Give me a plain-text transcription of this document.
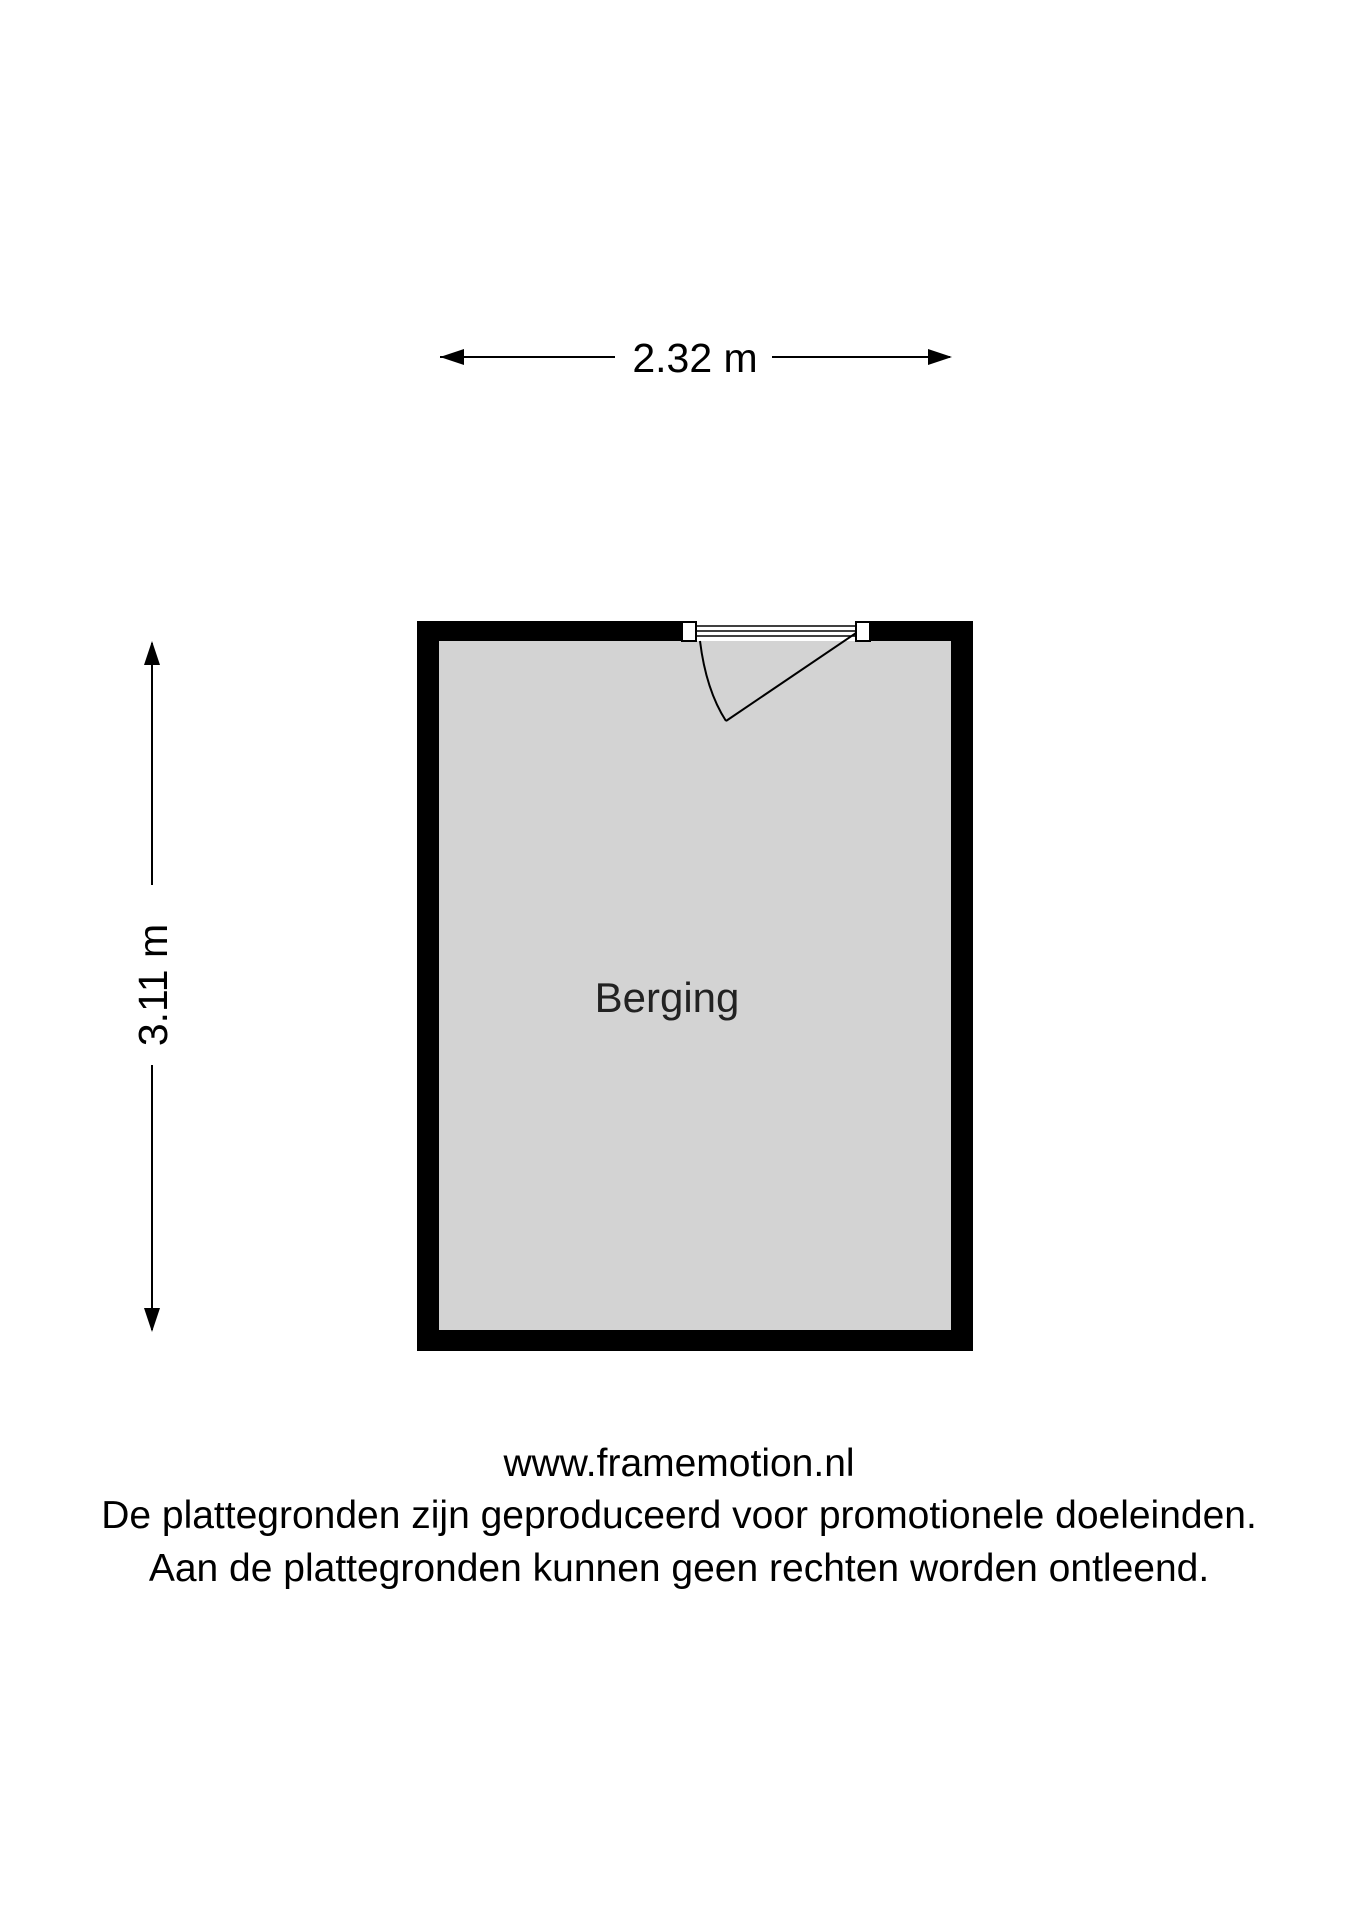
2.32 m
3.11 m	Berging
www.framemotion.nl
De plattegronden zijn geproduceerd voor promotionele doeleinden.
Aan de plattegronden kunnen geen rechten worden ontleend.
